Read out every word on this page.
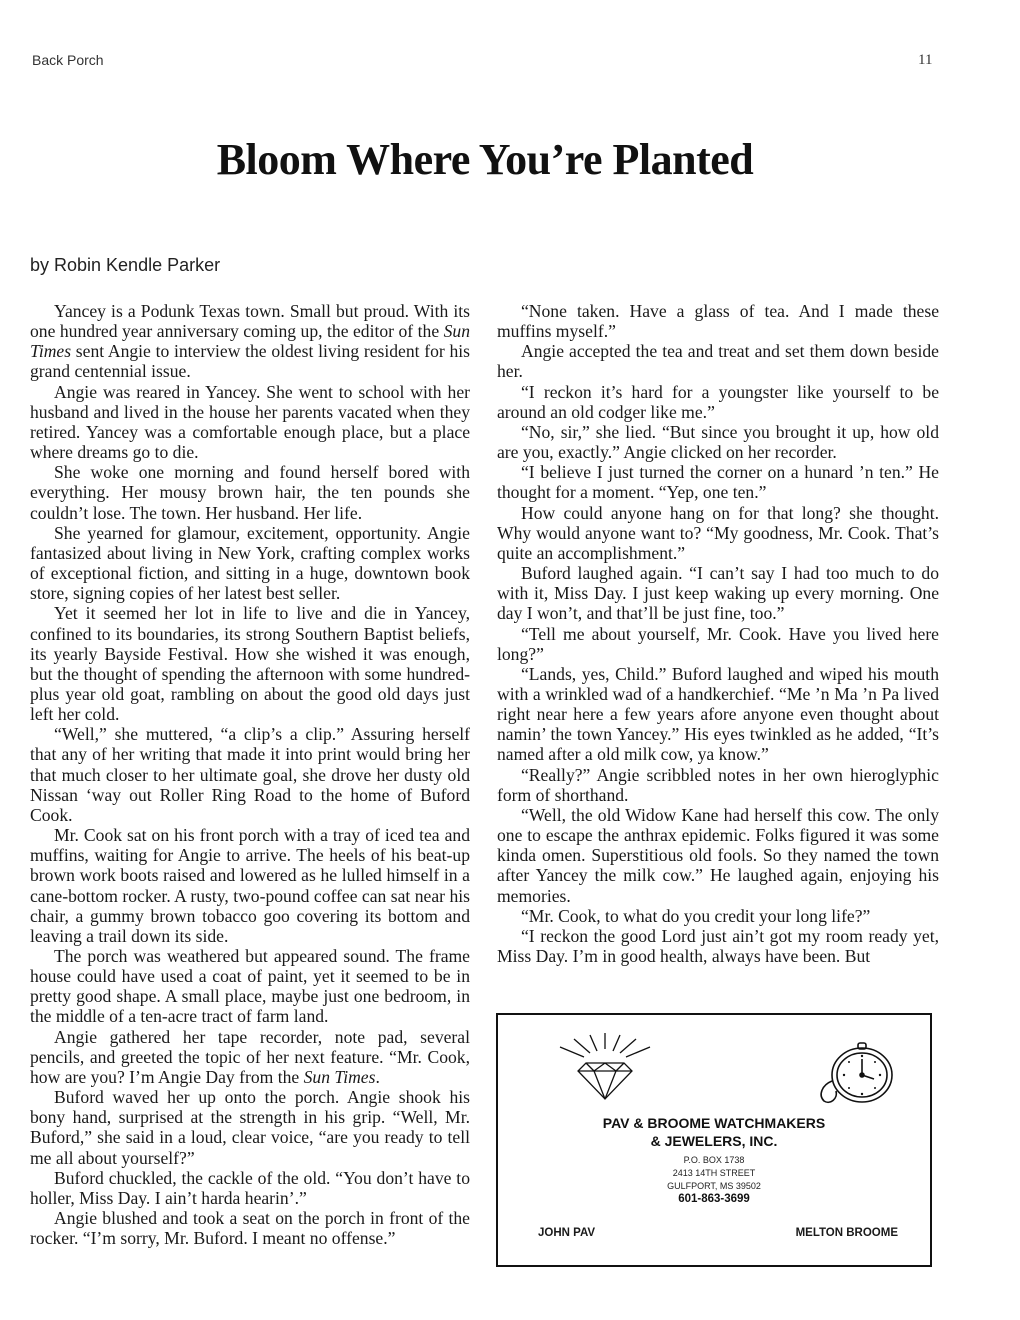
Back Porch	11
Bloom Where You’re Planted
by Robin Kendle Parker

Yancey is a Podunk Texas town. Small but proud. With its one hundred year anniversary coming up, the editor of the Sun Times sent Angie to interview the oldest living resident for his grand centennial issue.

Angie was reared in Yancey. She went to school with her husband and lived in the house her parents vacated when they retired. Yancey was a comfortable enough place, but a place where dreams go to die.

She woke one morning and found herself bored with everything. Her mousy brown hair, the ten pounds she couldn’t lose. The town. Her husband. Her life.

She yearned for glamour, excitement, opportunity. Angie fantasized about living in New York, crafting complex works of exceptional fiction, and sitting in a huge, downtown book store, signing copies of her latest best seller.

Yet it seemed her lot in life to live and die in Yancey, confined to its boundaries, its strong Southern Baptist beliefs, its yearly Bayside Festival. How she wished it was enough, but the thought of spending the afternoon with some hundred-plus year old goat, rambling on about the good old days just left her cold.

“Well,” she muttered, “a clip’s a clip.” Assuring herself that any of her writing that made it into print would bring her that much closer to her ultimate goal, she drove her dusty old Nissan ‘way out Roller Ring Road to the home of Buford Cook.

Mr. Cook sat on his front porch with a tray of iced tea and muffins, waiting for Angie to arrive. The heels of his beat-up brown work boots raised and lowered as he lulled himself in a cane-bottom rocker. A rusty, two-pound coffee can sat near his chair, a gummy brown tobacco goo covering its bottom and leaving a trail down its side.

The porch was weathered but appeared sound. The frame house could have used a coat of paint, yet it seemed to be in pretty good shape. A small place, maybe just one bedroom, in the middle of a ten-acre tract of farm land.

Angie gathered her tape recorder, note pad, several pencils, and greeted the topic of her next feature. “Mr. Cook, how are you? I’m Angie Day from the Sun Times.

Buford waved her up onto the porch. Angie shook his bony hand, surprised at the strength in his grip. “Well, Mr. Buford,” she said in a loud, clear voice, “are you ready to tell me all about yourself?”

Buford chuckled, the cackle of the old. “You don’t have to holler, Miss Day. I ain’t harda hearin’.”

Angie blushed and took a seat on the porch in front of the rocker. “I’m sorry, Mr. Buford. I meant no offense.”

“None taken. Have a glass of tea. And I made these muffins myself.”

Angie accepted the tea and treat and set them down beside her.

“I reckon it’s hard for a youngster like yourself to be around an old codger like me.”

“No, sir,” she lied. “But since you brought it up, how old are you, exactly.” Angie clicked on her recorder.

“I believe I just turned the corner on a hunard ’n ten.” He thought for a moment. “Yep, one ten.”

How could anyone hang on for that long? she thought. Why would anyone want to? “My goodness, Mr. Cook. That’s quite an accomplishment.”

Buford laughed again. “I can’t say I had too much to do with it, Miss Day. I just keep waking up every morning. One day I won’t, and that’ll be just fine, too.”

“Tell me about yourself, Mr. Cook. Have you lived here long?”

“Lands, yes, Child.” Buford laughed and wiped his mouth with a wrinkled wad of a handkerchief. “Me ’n Ma ’n Pa lived right near here a few years afore anyone even thought about namin’ the town Yancey.” His eyes twinkled as he added, “It’s named after a old milk cow, ya know.”

“Really?” Angie scribbled notes in her own hieroglyphic form of shorthand.

“Well, the old Widow Kane had herself this cow. The only one to escape the anthrax epidemic. Folks figured it was some kinda omen. Superstitious old fools. So they named the town after Yancey the milk cow.” He laughed again, enjoying his memories.

“Mr. Cook, to what do you credit your long life?”

“I reckon the good Lord just ain’t got my room ready yet, Miss Day. I’m in good health, always have been. But

PAV & BROOME WATCHMAKERS
& JEWELERS, INC.
P.O. BOX 1738
2413 14TH STREET
GULFPORT, MS 39502
601-863-3699
JOHN PAV	MELTON BROOME
